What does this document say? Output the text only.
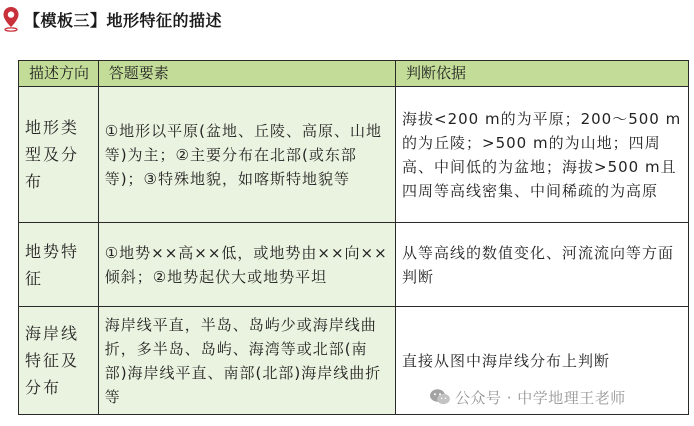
【模板三】地形特征的描述
描述方向	答题要素	判断依据
地形类型及分布	①地形以平原(盆地、丘陵、高原、山地等)为主；②主要分布在北部(或东部等)；③特殊地貌，如喀斯特地貌等	海拔<200 m的为平原；200～500 m的为丘陵；>500 m的为山地；四周高、中间低的为盆地；海拔>500 m且四周等高线密集、中间稀疏的为高原
地势特征	①地势××高××低，或地势由××向××倾斜；②地势起伏大或地势平坦	从等高线的数值变化、河流流向等方面判断
海岸线特征及分布	海岸线平直，半岛、岛屿少或海岸线曲折，多半岛、岛屿、海湾等或北部(南部)海岸线平直、南部(北部)海岸线曲折等	直接从图中海岸线分布上判断
公众号 · 中学地理王老师
